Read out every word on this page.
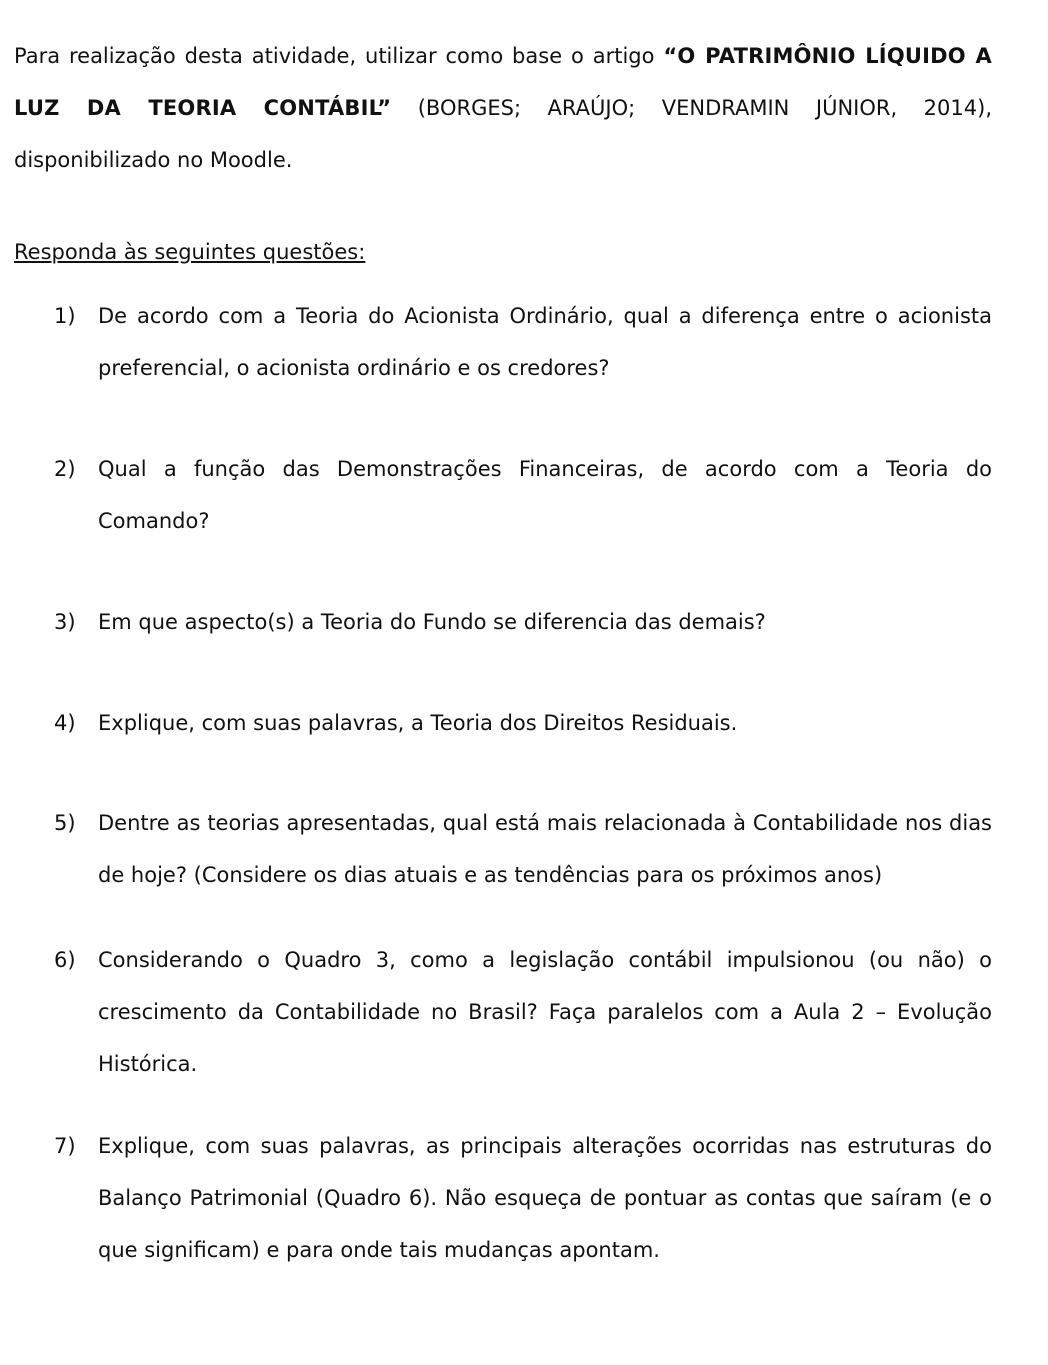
Para realização desta atividade, utilizar como base o artigo “O PATRIMÔNIO LÍQUIDO A LUZ DA TEORIA CONTÁBIL” (BORGES; ARAÚJO; VENDRAMIN JÚNIOR, 2014), disponibilizado no Moodle.

Responda às seguintes questões:

1)	De acordo com a Teoria do Acionista Ordinário, qual a diferença entre o acionista preferencial, o acionista ordinário e os credores?
2)	Qual a função das Demonstrações Financeiras, de acordo com a Teoria do Comando?
3)	Em que aspecto(s) a Teoria do Fundo se diferencia das demais?
4)	Explique, com suas palavras, a Teoria dos Direitos Residuais.
5)	Dentre as teorias apresentadas, qual está mais relacionada à Contabilidade nos dias de hoje? (Considere os dias atuais e as tendências para os próximos anos)
6)	Considerando o Quadro 3, como a legislação contábil impulsionou (ou não) o crescimento da Contabilidade no Brasil? Faça paralelos com a Aula 2 – Evolução Histórica.
7)	Explique, com suas palavras, as principais alterações ocorridas nas estruturas do Balanço Patrimonial (Quadro 6). Não esqueça de pontuar as contas que saíram (e o que significam) e para onde tais mudanças apontam.
